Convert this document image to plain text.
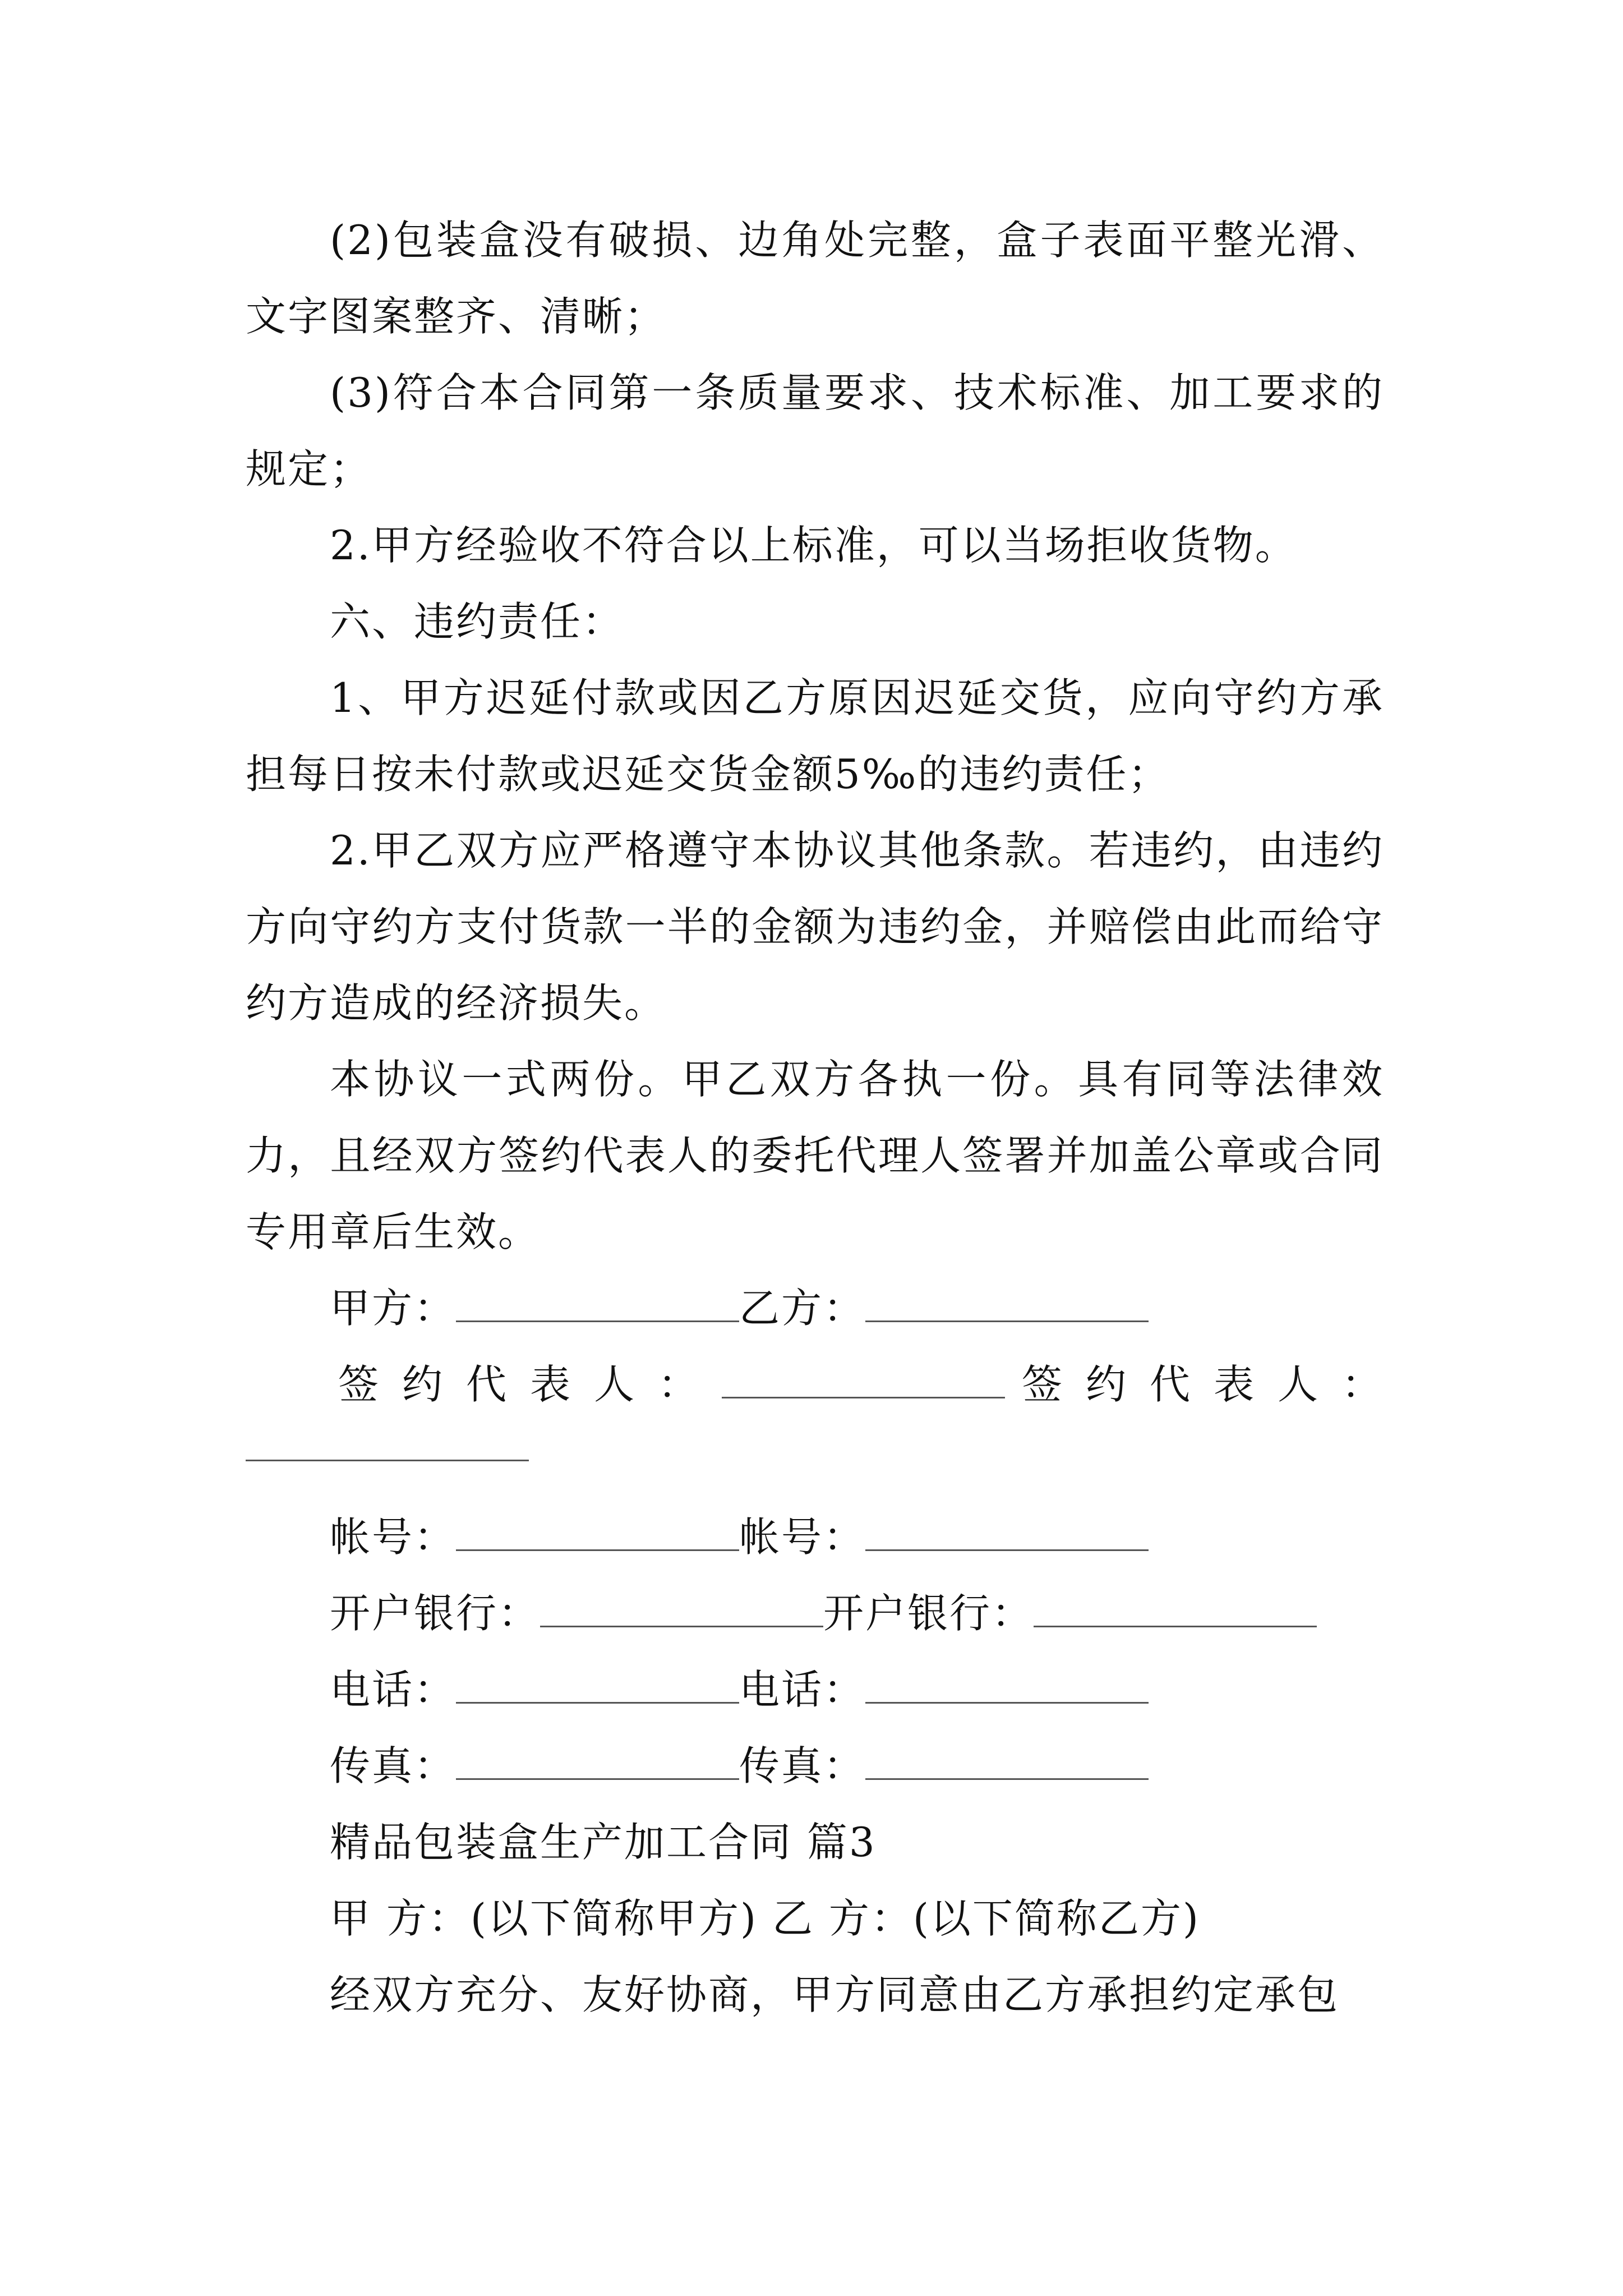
(2)包装盒没有破损、边角处完整，盒子表面平整光滑、文字图案整齐、清晰；

(3)符合本合同第一条质量要求、技术标准、加工要求的规定；

2.甲方经验收不符合以上标准，可以当场拒收货物。

六、违约责任：

1、甲方迟延付款或因乙方原因迟延交货，应向守约方承担每日按未付款或迟延交货金额5‰的违约责任；

2.甲乙双方应严格遵守本协议其他条款。若违约，由违约方向守约方支付货款一半的金额为违约金，并赔偿由此而给守约方造成的经济损失。

本协议一式两份。甲乙双方各执一份。具有同等法律效力，且经双方签约代表人的委托代理人签署并加盖公章或合同专用章后生效。

甲方：	乙方：
签约代表人：	签约代表人：
帐号：	帐号：
开户银行：	开户银行：
电话：	电话：
传真：	传真：
精品包装盒生产加工合同 篇3
甲 方：(以下简称甲方) 乙 方：(以下简称乙方)
经双方充分、友好协商，甲方同意由乙方承担约定承包
